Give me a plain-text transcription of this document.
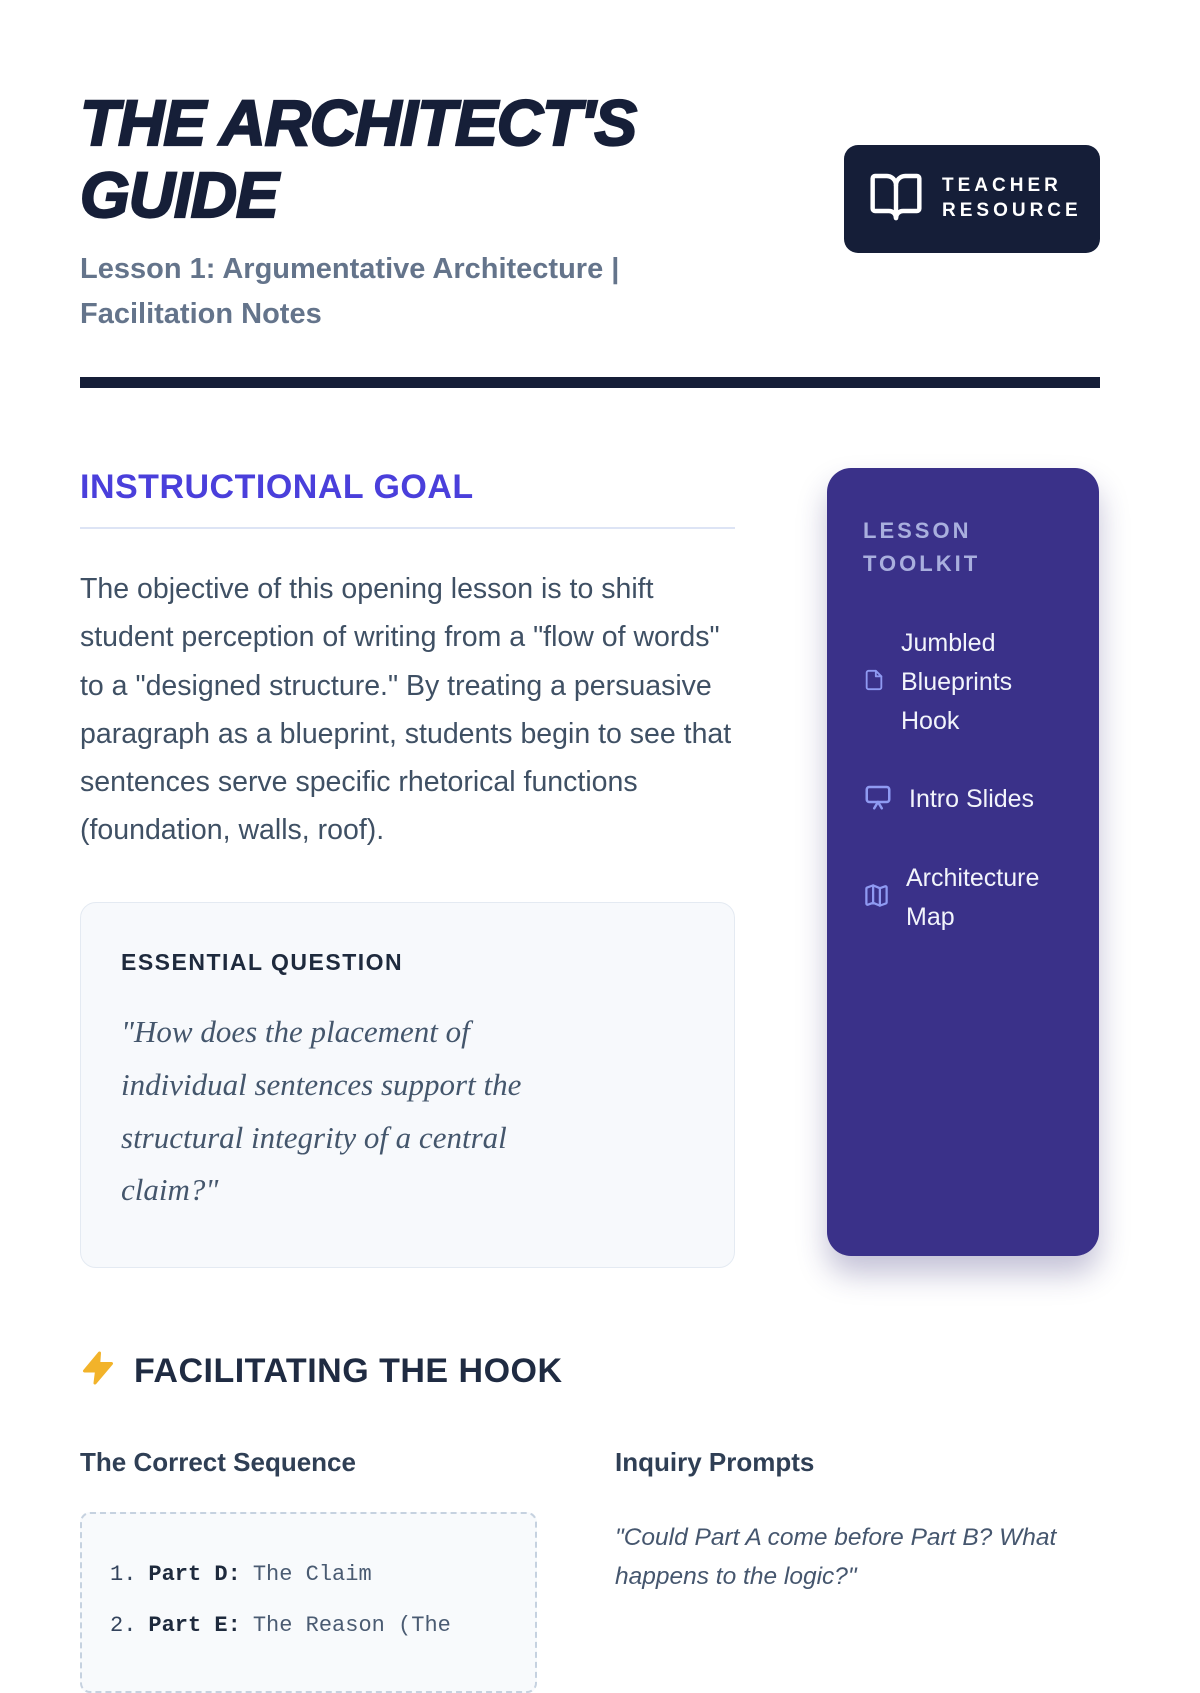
THE ARCHITECT'S GUIDE

Lesson 1: Argumentative Architecture | Facilitation Notes

TEACHER
RESOURCE
INSTRUCTIONAL GOAL

The objective of this opening lesson is to shift student perception of writing from a "flow of words" to a "designed structure." By treating a persuasive paragraph as a blueprint, students begin to see that sentences serve specific rhetorical functions (foundation, walls, roof).

ESSENTIAL QUESTION
"How does the placement of individual sentences support the structural integrity of a central claim?"
LESSON TOOLKIT
Jumbled Blueprints Hook
Intro Slides
Architecture Map
FACILITATING THE HOOK
The Correct Sequence
1. Part D: The Claim
2. Part E: The Reason (The
Inquiry Prompts

"Could Part A come before Part B? What happens to the logic?"
